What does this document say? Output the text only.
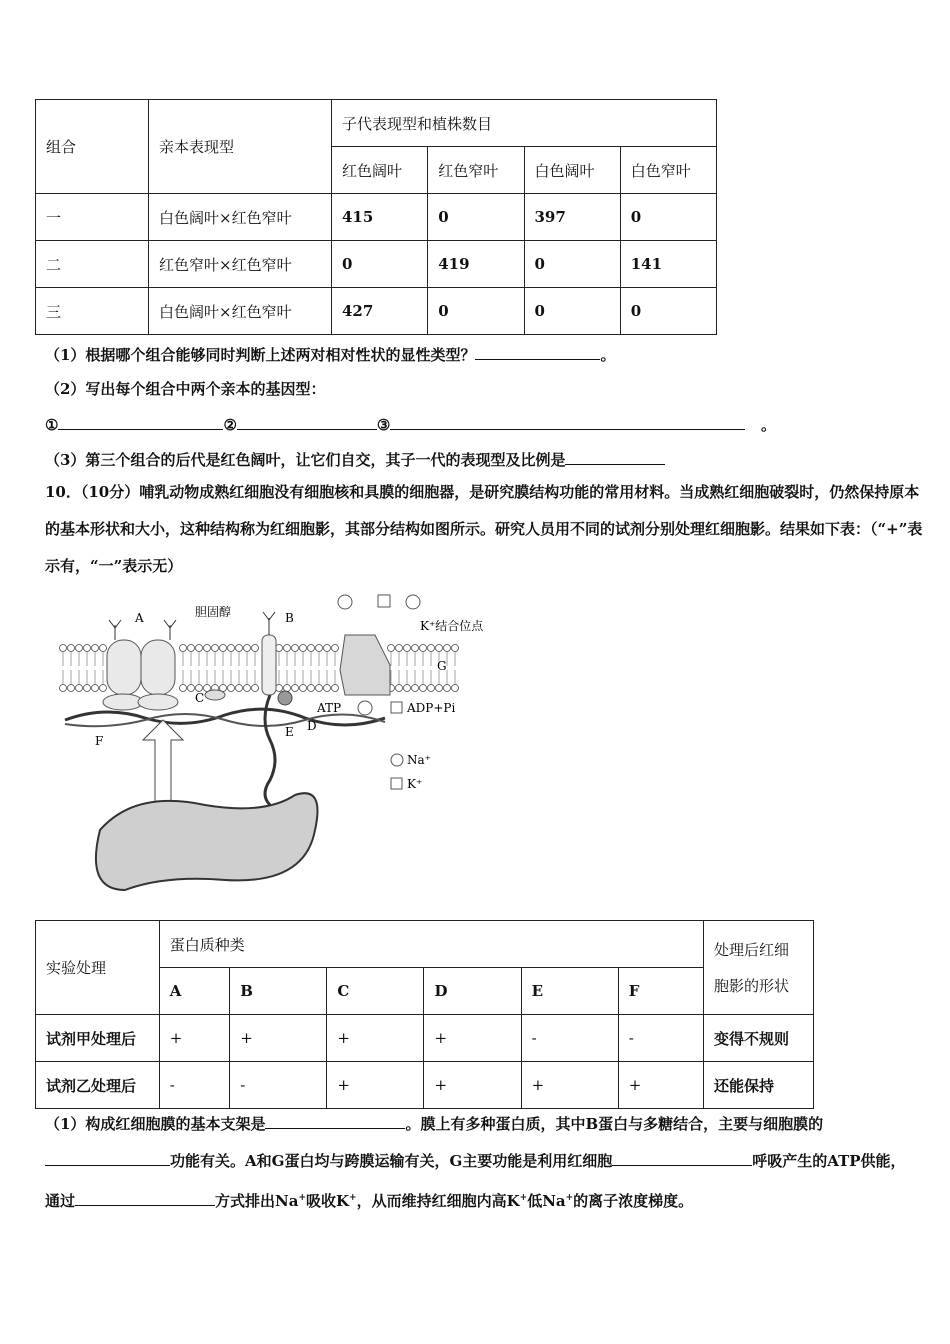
组合	亲本表现型	子代表现型和植株数目			
		红色阔叶	红色窄叶	白色阔叶	白色窄叶
一	白色阔叶×红色窄叶	415	0	397	0
二	红色窄叶×红色窄叶	0	419	0	141
三	白色阔叶×红色窄叶	427	0	0	0
（1）根据哪个组合能够同时判断上述两对相对性状的显性类型？	。
（2）写出每个组合中两个亲本的基因型：
①	②	③	。
（3）第三个组合的后代是红色阔叶，让它们自交，其子一代的表现型及比例是
10．（10分）哺乳动物成熟红细胞没有细胞核和具膜的细胞器，是研究膜结构功能的常用材料。当成熟红细胞破裂时，仍然保持原本的基本形状和大小，这种结构称为红细胞影，其部分结构如图所示。研究人员用不同的试剂分别处理红细胞影。结果如下表：（“+”表示有，“一”表示无）
A	胆固醇	B
C
D
E
F
G
K⁺结合位点
ATP	ADP+Pi
Na⁺
K⁺
实验处理	蛋白质种类						处理后红细胞影的形状
	A	B	C	D	E	F	
试剂甲处理后	+	+	+	+	-	-	变得不规则
试剂乙处理后	-	-	+	+	+	+	还能保持
（1）构成红细胞膜的基本支架是	。膜上有多种蛋白质，其中B蛋白与多糖结合，主要与细胞膜的功能有关。A和G蛋白均与跨膜运输有关，G主要功能是利用红细胞	呼吸产生的ATP供能，通过	方式排出Na+吸收K+，从而维持红细胞内高K+低Na+的离子浓度梯度。
